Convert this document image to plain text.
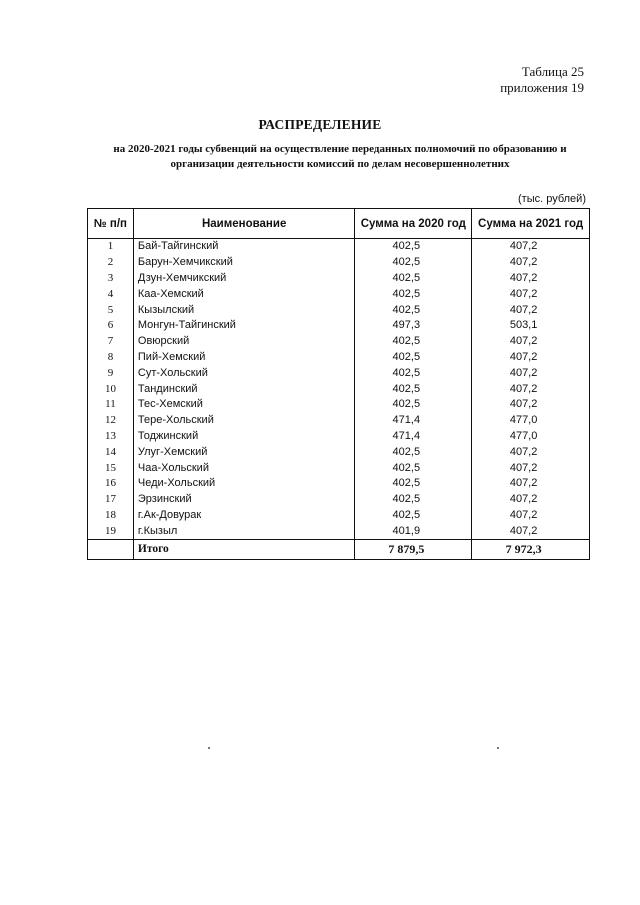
Таблица 25
приложения 19
РАСПРЕДЕЛЕНИЕ
на 2020-2021 годы субвенций на осуществление переданных полномочий по образованию и
организации деятельности комиссий по делам несовершеннолетних
(тыс. рублей)
№ п/п	Наименование	Сумма на 2020 год	Сумма на 2021 год
1	Бай-Тайгинский	402,5	407,2
2	Барун-Хемчикский	402,5	407,2
3	Дзун-Хемчикский	402,5	407,2
4	Каа-Хемский	402,5	407,2
5	Кызылский	402,5	407,2
6	Монгун-Тайгинский	497,3	503,1
7	Овюрский	402,5	407,2
8	Пий-Хемский	402,5	407,2
9	Сут-Хольский	402,5	407,2
10	Тандинский	402,5	407,2
11	Тес-Хемский	402,5	407,2
12	Тере-Хольский	471,4	477,0
13	Тоджинский	471,4	477,0
14	Улуг-Хемский	402,5	407,2
15	Чаа-Хольский	402,5	407,2
16	Чеди-Хольский	402,5	407,2
17	Эрзинский	402,5	407,2
18	г.Ак-Довурак	402,5	407,2
19	г.Кызыл	401,9	407,2
	Итого	7 879,5	7 972,3
